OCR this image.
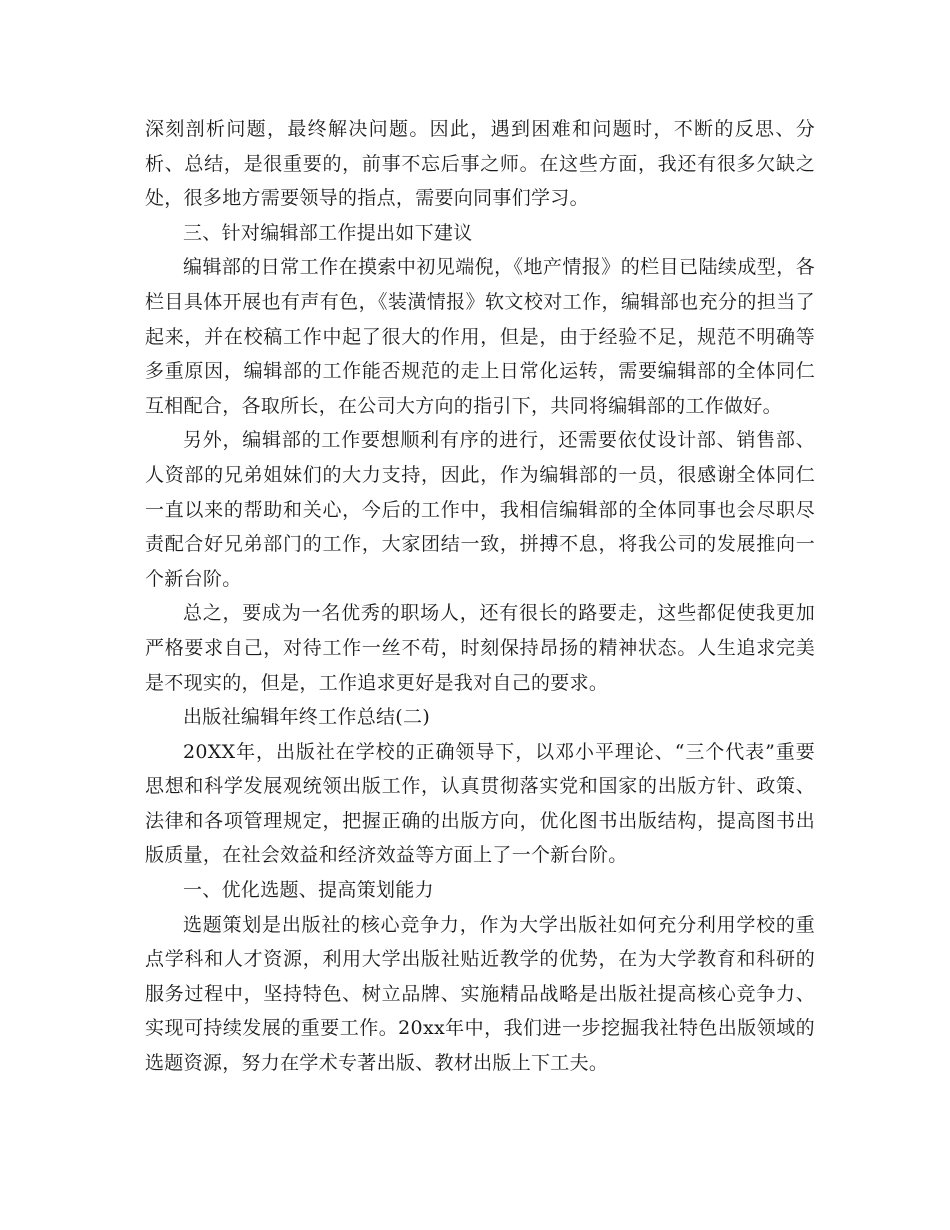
深刻剖析问题，最终解决问题。因此，遇到困难和问题时，不断的反思、分析、总结，是很重要的，前事不忘后事之师。在这些方面，我还有很多欠缺之处，很多地方需要领导的指点，需要向同事们学习。

三、针对编辑部工作提出如下建议

编辑部的日常工作在摸索中初见端倪，《地产情报》的栏目已陆续成型，各栏目具体开展也有声有色，《装潢情报》软文校对工作，编辑部也充分的担当了起来，并在校稿工作中起了很大的作用，但是，由于经验不足，规范不明确等多重原因，编辑部的工作能否规范的走上日常化运转，需要编辑部的全体同仁互相配合，各取所长，在公司大方向的指引下，共同将编辑部的工作做好。

另外，编辑部的工作要想顺利有序的进行，还需要依仗设计部、销售部、人资部的兄弟姐妹们的大力支持，因此，作为编辑部的一员，很感谢全体同仁一直以来的帮助和关心，今后的工作中，我相信编辑部的全体同事也会尽职尽责配合好兄弟部门的工作，大家团结一致，拼搏不息，将我公司的发展推向一个新台阶。

总之，要成为一名优秀的职场人，还有很长的路要走，这些都促使我更加严格要求自己，对待工作一丝不苟，时刻保持昂扬的精神状态。人生追求完美是不现实的，但是，工作追求更好是我对自己的要求。

出版社编辑年终工作总结(二)

20XX年，出版社在学校的正确领导下，以邓小平理论、“三个代表”重要思想和科学发展观统领出版工作，认真贯彻落实党和国家的出版方针、政策、法律和各项管理规定，把握正确的出版方向，优化图书出版结构，提高图书出版质量，在社会效益和经济效益等方面上了一个新台阶。

一、优化选题、提高策划能力

选题策划是出版社的核心竞争力，作为大学出版社如何充分利用学校的重点学科和人才资源，利用大学出版社贴近教学的优势，在为大学教育和科研的服务过程中，坚持特色、树立品牌、实施精品战略是出版社提高核心竞争力、实现可持续发展的重要工作。20xx年中，我们进一步挖掘我社特色出版领域的选题资源，努力在学术专著出版、教材出版上下工夫。
